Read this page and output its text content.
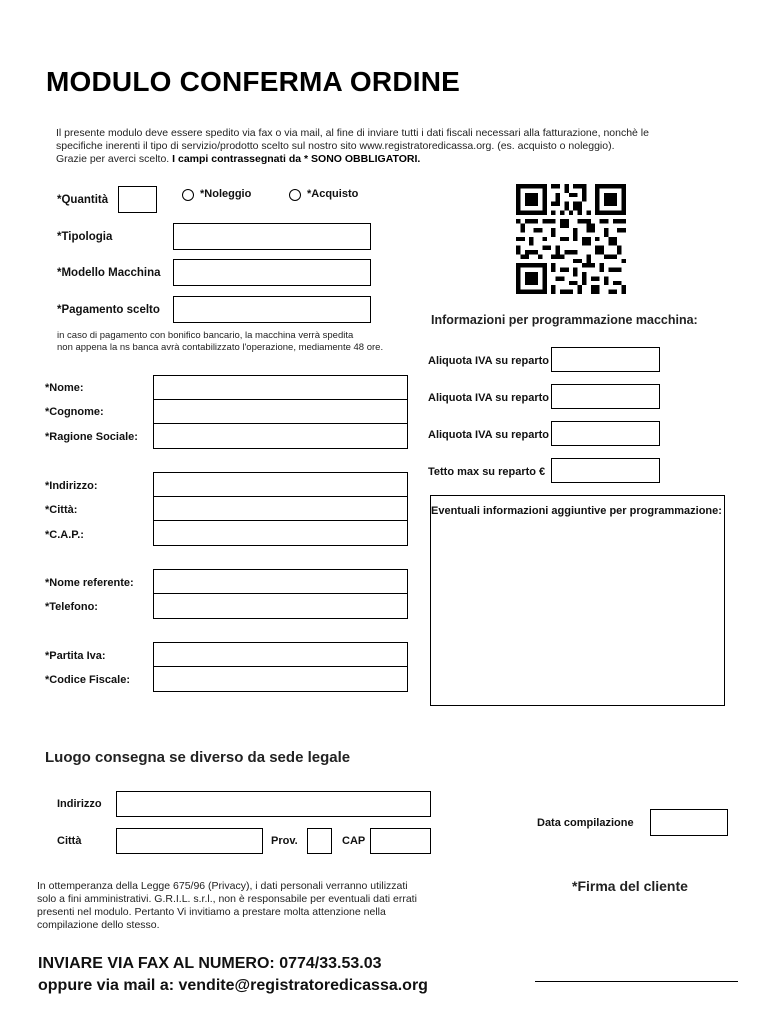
MODULO CONFERMA ORDINE
Il presente modulo deve essere spedito via fax o via mail, al fine di inviare tutti i dati fiscali necessari alla fatturazione, nonchè le
specifiche inerenti il tipo di servizio/prodotto scelto sul nostro sito www.registratoredicassa.org. (es. acquisto o noleggio).
Grazie per averci scelto. I campi contrassegnati da * SONO OBBLIGATORI.
*Quantità	*Noleggio	*Acquisto
*Tipologia
*Modello Macchina
*Pagamento scelto
in caso di pagamento con bonifico bancario, la macchina verrà spedita
non appena la ns banca avrà contabilizzato l'operazione, mediamente 48 ore.
Informazioni per programmazione macchina:
Aliquota IVA su reparto
Aliquota IVA su reparto
Aliquota IVA su reparto
Tetto max su reparto €
Eventuali informazioni aggiuntive per programmazione:
*Nome:
*Cognome:
*Ragione Sociale:
*Indirizzo:
*Città:
*C.A.P.:
*Nome referente:
*Telefono:
*Partita Iva:
*Codice Fiscale:
Luogo consegna se diverso da sede legale
Indirizzo
Città	Prov.	CAP
Data compilazione
In ottemperanza della Legge 675/96 (Privacy), i dati personali verranno utilizzati
solo a fini amministrativi. G.R.I.L. s.r.l., non è responsabile per eventuali dati errati
presenti nel modulo. Pertanto Vi invitiamo a prestare molta attenzione nella
compilazione dello stesso.
*Firma del cliente
INVIARE VIA FAX AL NUMERO: 0774/33.53.03
oppure via mail a: vendite@registratoredicassa.org
